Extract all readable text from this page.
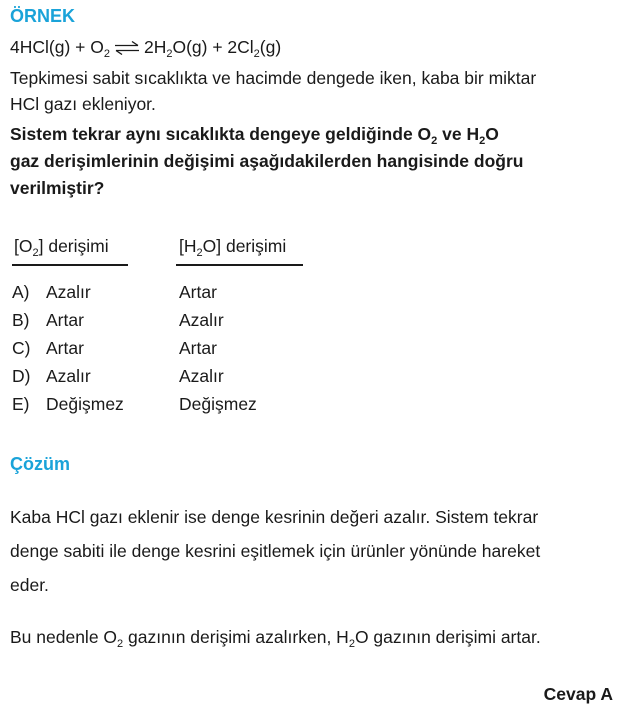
ÖRNEK
$4HCl(g) + O_2$ ⇌ $2H_2O(g) + 2Cl_2(g)$
Tepkimesi sabit sıcaklıkta ve hacimde dengede iken, kaba bir miktar
HCl gazı ekleniyor.
Sistem tekrar aynı sıcaklıkta dengeye geldiğinde $O_2$ ve $H_2O$
gaz derişimlerinin değişimi aşağıdakilerden hangisinde doğru
verilmiştir?
$[O_2]$ derişimi	$[H_2O]$ derişimi
A) Azalır	Artar
B) Artar	Azalır
C) Artar	Artar
D) Azalır	Azalır
E) Değişmez	Değişmez
Çözüm
Kaba HCl gazı eklenir ise denge kesrinin değeri azalır. Sistem tekrar
denge sabiti ile denge kesrini eşitlemek için ürünler yönünde hareket
eder.
Bu nedenle $O_2$ gazının derişimi azalırken, $H_2O$ gazının derişimi artar.
Cevap A
